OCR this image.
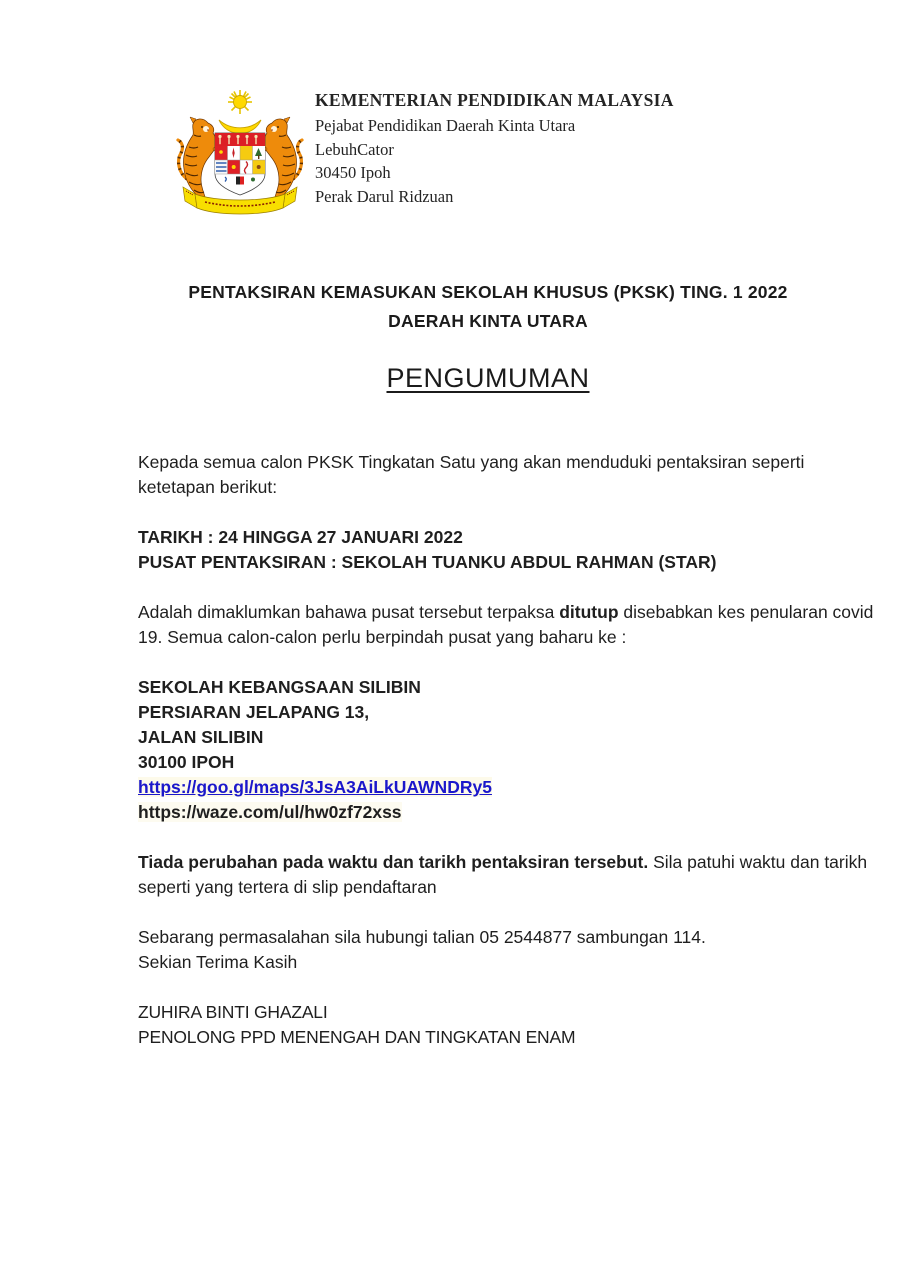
KEMENTERIAN PENDIDIKAN MALAYSIA
Pejabat Pendidikan Daerah Kinta Utara
LebuhCator
30450 Ipoh
Perak Darul Ridzuan
PENTAKSIRAN KEMASUKAN SEKOLAH KHUSUS (PKSK) TING. 1 2022
DAERAH KINTA UTARA
PENGUMUMAN

Kepada semua calon PKSK Tingkatan Satu yang akan menduduki pentaksiran seperti ketetapan berikut:

TARIKH : 24 HINGGA 27 JANUARI 2022
PUSAT PENTAKSIRAN : SEKOLAH TUANKU ABDUL RAHMAN (STAR)

Adalah dimaklumkan bahawa pusat tersebut terpaksa ditutup disebabkan kes penularan covid 19. Semua calon-calon perlu berpindah pusat yang baharu ke :

SEKOLAH KEBANGSAAN SILIBIN
PERSIARAN JELAPANG 13,
JALAN SILIBIN
30100 IPOH
https://goo.gl/maps/3JsA3AiLkUAWNDRy5
https://waze.com/ul/hw0zf72xss

Tiada perubahan pada waktu dan tarikh pentaksiran tersebut. Sila patuhi waktu dan tarikh seperti yang tertera di slip pendaftaran

Sebarang permasalahan sila hubungi talian 05 2544877 sambungan 114.
Sekian Terima Kasih

ZUHIRA BINTI GHAZALI
PENOLONG PPD MENENGAH DAN TINGKATAN ENAM
